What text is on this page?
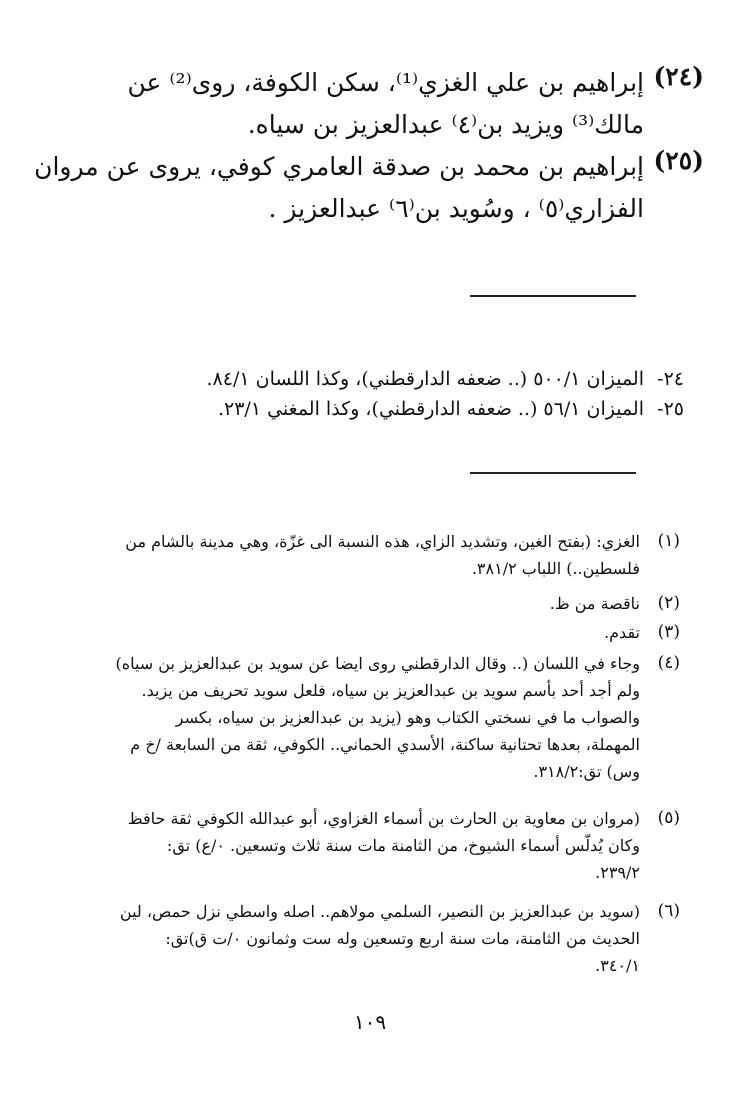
(٢٤)
إبراهيم بن علي الغزي⁽¹⁾، سكن الكوفة، روى⁽²⁾ عن
مالك⁽³⁾ ويزيد بن⁽٤⁾ عبدالعزيز بن سياه.
(٢٥)
إبراهيم بن محمد بن صدقة العامري كوفي، يروى عن مروان
الفزاري⁽٥⁾ ، وسُويد بن⁽٦⁾ عبدالعزيز .
٢٤-
الميزان ٥٠٠/١ (.. ضعفه الدارقطني)، وكذا اللسان ٨٤/١.
٢٥-
الميزان ٥٦/١ (.. ضعفه الدارقطني)، وكذا المغني ٢٣/١.
(١)
الغزي: (بفتح الغين، وتشديد الزاي، هذه النسبة الى غزّة، وهي مدينة بالشام من
فلسطين..) اللباب ٣٨١/٢.
(٢)
ناقصة من ظ.
(٣)
تقدم.
(٤)
وجاء في اللسان (.. وقال الدارقطني روى ايضا عن سويد بن عبدالعزيز بن سياه)
ولم أجد أحد بأسم سويد بن عبدالعزيز بن سياه، فلعل سويد تحريف من يزيد.
والصواب ما في نسختي الكتاب وهو (يزيد بن عبدالعزيز بن سياه، بكسر
المهملة، بعدها تحتانية ساكنة، الأسدي الحماني.. الكوفي، ثقة من السابعة /خ م
وس) تق:٣١٨/٢.
(٥)
(مروان بن معاوية بن الحارث بن أسماء الغزاوي، أبو عبدالله الكوفي ثقة حافظ
وكان يُدلّس أسماء الشيوخ، من الثامنة مات سنة ثلاث وتسعين. ٠/ع) تق:
٢٣٩/٢.
(٦)
(سويد بن عبدالعزيز بن النصير، السلمي مولاهم.. اصله واسطي نزل حمص، لين
الحديث من الثامنة، مات سنة اربع وتسعين وله ست وثمانون ٠/ت ق)تق:
٣٤٠/١.
١٠٩
